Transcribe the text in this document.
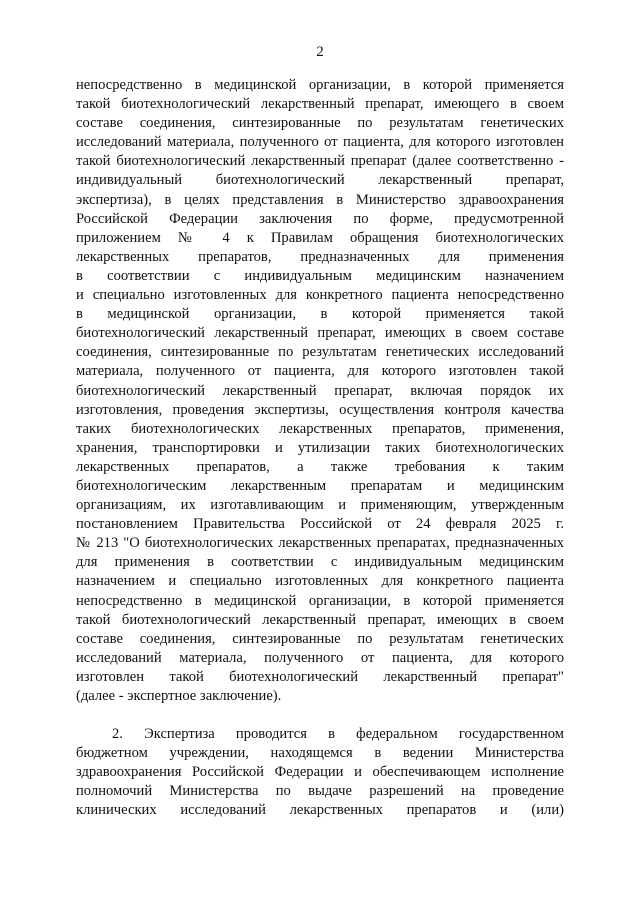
2
непосредственно в медицинской организации, в которой применяется
такой биотехнологический лекарственный препарат, имеющего в своем
составе соединения, синтезированные по результатам генетических
исследований материала, полученного от пациента, для которого изготовлен
такой биотехнологический лекарственный препарат (далее соответственно -
индивидуальный биотехнологический лекарственный препарат,
экспертиза), в целях представления в Министерство здравоохранения
Российской Федерации заключения по форме, предусмотренной
приложением № 4 к Правилам обращения биотехнологических
лекарственных препаратов, предназначенных для применения
в соответствии с индивидуальным медицинским назначением
и специально изготовленных для конкретного пациента непосредственно
в медицинской организации, в которой применяется такой
биотехнологический лекарственный препарат, имеющих в своем составе
соединения, синтезированные по результатам генетических исследований
материала, полученного от пациента, для которого изготовлен такой
биотехнологический лекарственный препарат, включая порядок их
изготовления, проведения экспертизы, осуществления контроля качества
таких биотехнологических лекарственных препаратов, применения,
хранения, транспортировки и утилизации таких биотехнологических
лекарственных препаратов, а также требования к таким
биотехнологическим лекарственным препаратам и медицинским
организациям, их изготавливающим и применяющим, утвержденным
постановлением Правительства Российской от 24 февраля 2025 г.
№ 213 "О биотехнологических лекарственных препаратах, предназначенных
для применения в соответствии с индивидуальным медицинским
назначением и специально изготовленных для конкретного пациента
непосредственно в медицинской организации, в которой применяется
такой биотехнологический лекарственный препарат, имеющих в своем
составе соединения, синтезированные по результатам генетических
исследований материала, полученного от пациента, для которого
изготовлен такой биотехнологический лекарственный препарат"
(далее - экспертное заключение).
2. Экспертиза проводится в федеральном государственном
бюджетном учреждении, находящемся в ведении Министерства
здравоохранения Российской Федерации и обеспечивающем исполнение
полномочий Министерства по выдаче разрешений на проведение
клинических исследований лекарственных препаратов и (или)
